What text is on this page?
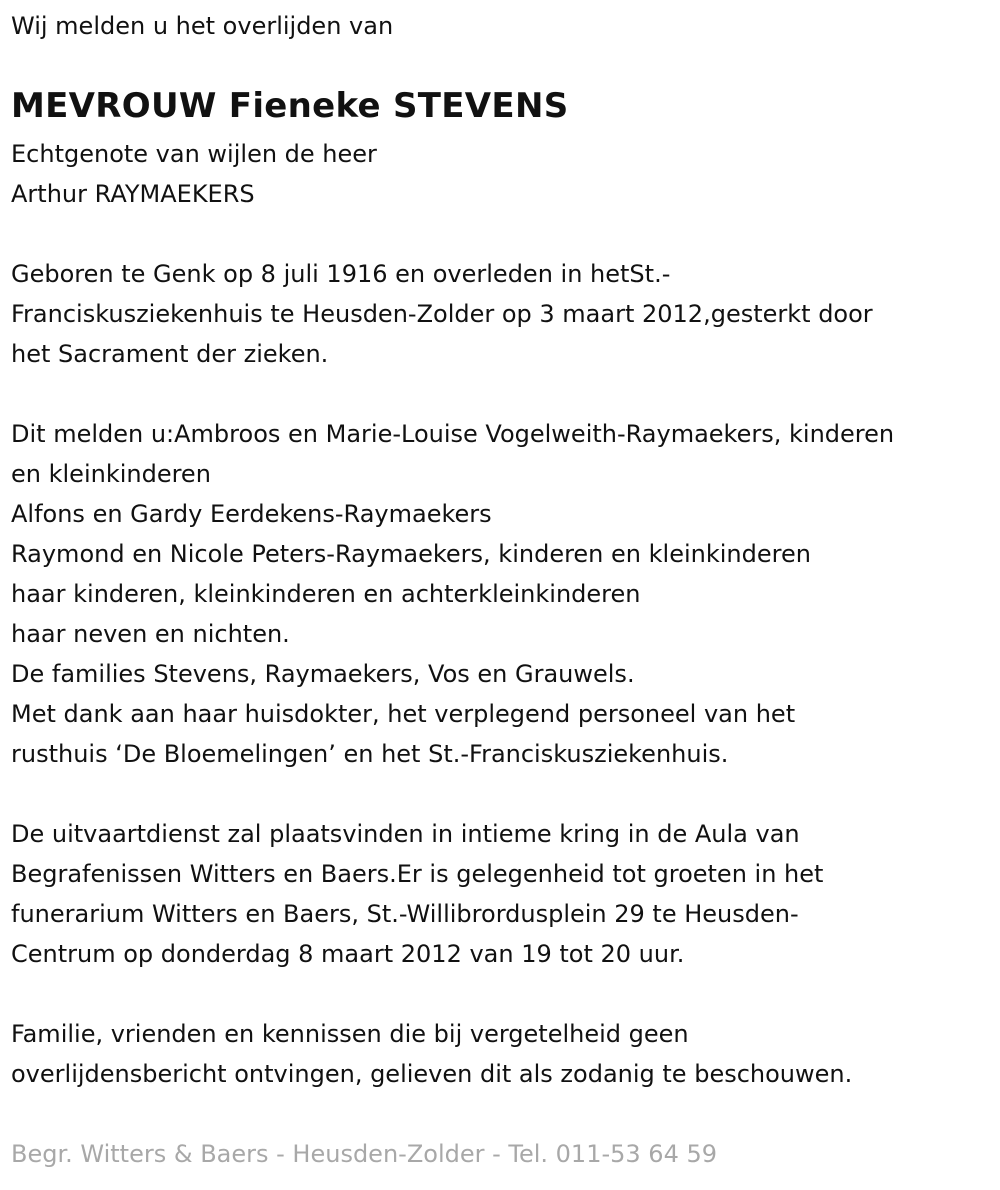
Wij melden u het overlijden van
MEVROUW Fieneke STEVENS
Echtgenote van wijlen de heer
Arthur RAYMAEKERS
Geboren te Genk op 8 juli 1916 en overleden in hetSt.-
Franciskusziekenhuis te Heusden-Zolder op 3 maart 2012,gesterkt door
het Sacrament der zieken.
Dit melden u:Ambroos en Marie-Louise Vogelweith-Raymaekers, kinderen
en kleinkinderen
Alfons en Gardy Eerdekens-Raymaekers
Raymond en Nicole Peters-Raymaekers, kinderen en kleinkinderen
haar kinderen, kleinkinderen en achterkleinkinderen
haar neven en nichten.
De families Stevens, Raymaekers, Vos en Grauwels.
Met dank aan haar huisdokter, het verplegend personeel van het
rusthuis ‘De Bloemelingen’ en het St.-Franciskusziekenhuis.
De uitvaartdienst zal plaatsvinden in intieme kring in de Aula van
Begrafenissen Witters en Baers.Er is gelegenheid tot groeten in het
funerarium Witters en Baers, St.-Willibrordusplein 29 te Heusden-
Centrum op donderdag 8 maart 2012 van 19 tot 20 uur.
Familie, vrienden en kennissen die bij vergetelheid geen
overlijdensbericht ontvingen, gelieven dit als zodanig te beschouwen.
Begr. Witters & Baers - Heusden-Zolder - Tel. 011-53 64 59
